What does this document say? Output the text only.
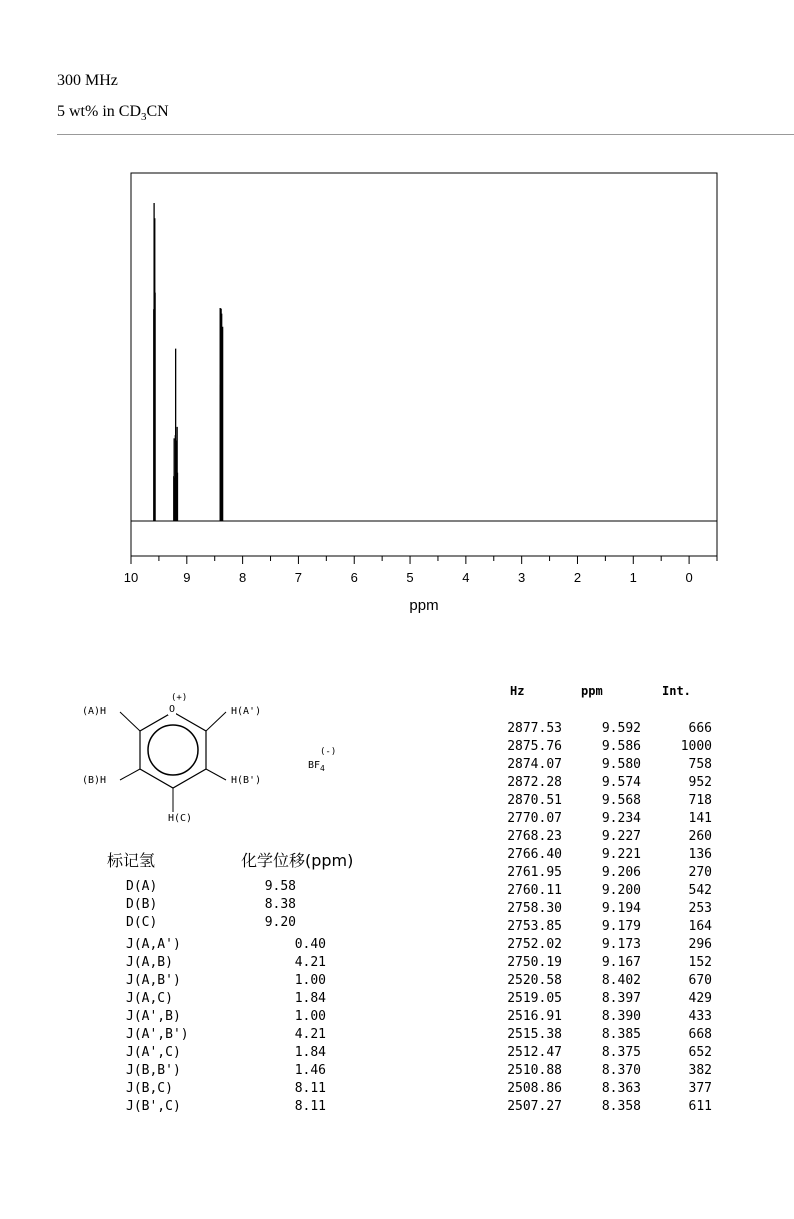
300 MHz
5 wt% in $CD_3CN$
10	9	8	7	6	5	4	3	2	1	0
ppm
Hz	ppm	Int.
2877.53	9.592	666
2875.76	9.586	1000
2874.07	9.580	758
2872.28	9.574	952
2870.51	9.568	718
2770.07	9.234	141
2768.23	9.227	260
2766.40	9.221	136
2761.95	9.206	270
2760.11	9.200	542
2758.30	9.194	253
2753.85	9.179	164
2752.02	9.173	296
2750.19	9.167	152
2520.58	8.402	670
2519.05	8.397	429
2516.91	8.390	433
2515.38	8.385	668
2512.47	8.375	652
2510.88	8.370	382
2508.86	8.363	377
2507.27	8.358	611
(A)H	H(A')
(B)H	H(B')
H(C)
O
(+)
$BF_4$
(-)
标记氢	化学位移(ppm)
D(A)	9.58
D(B)	8.38
D(C)	9.20
J(A,A')	0.40
J(A,B)	4.21
J(A,B')	1.00
J(A,C)	1.84
J(A',B)	1.00
J(A',B')	4.21
J(A',C)	1.84
J(B,B')	1.46
J(B,C)	8.11
J(B',C)	8.11
